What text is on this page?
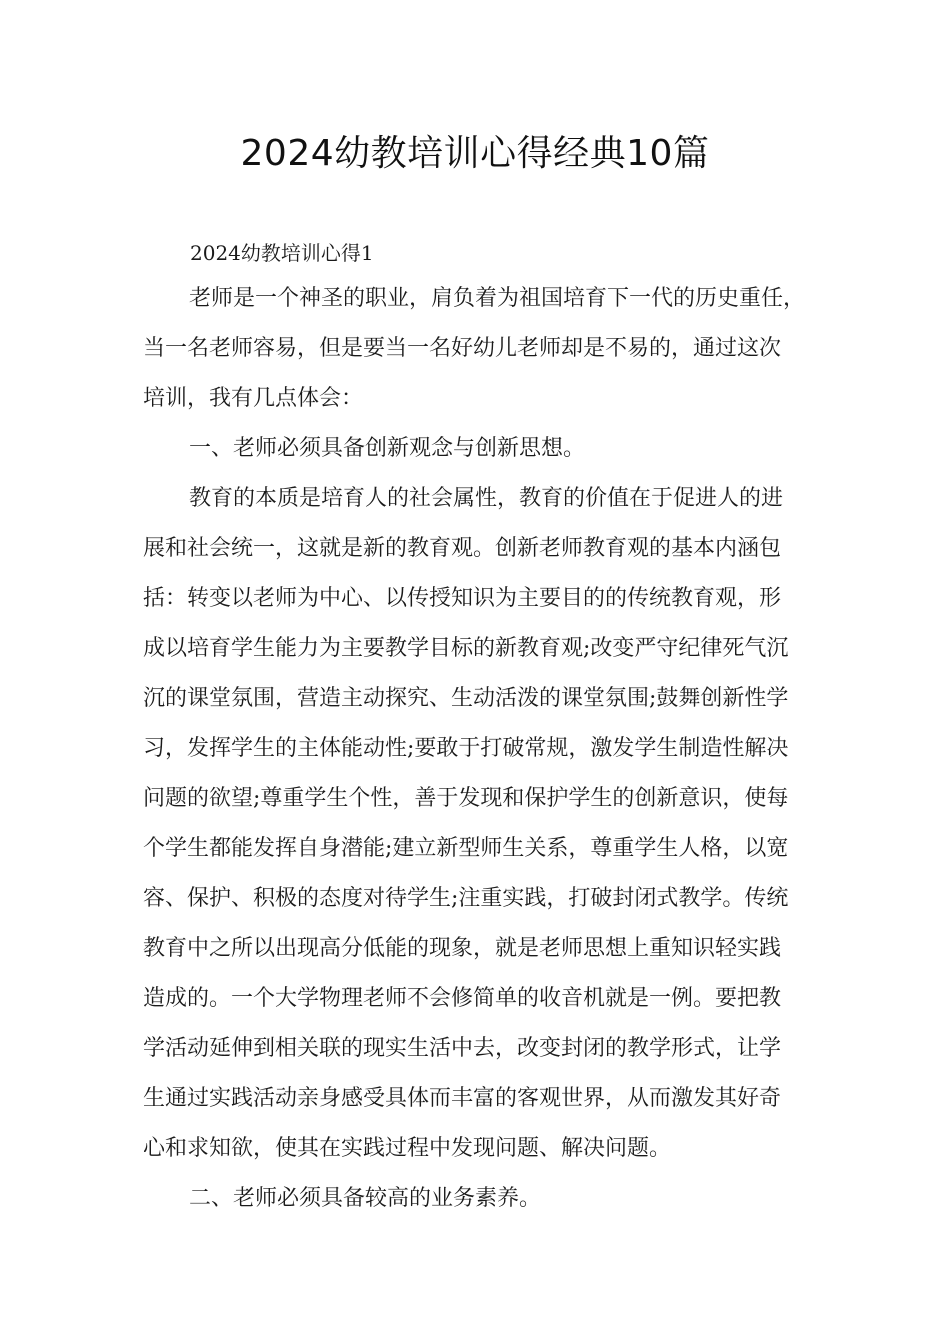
2024幼教培训心得经典10篇
2024幼教培训心得1
老师是一个神圣的职业，肩负着为祖国培育下一代的历史重任，
当一名老师容易，但是要当一名好幼儿老师却是不易的，通过这次
培训，我有几点体会：
一、老师必须具备创新观念与创新思想。
教育的本质是培育人的社会属性，教育的价值在于促进人的进
展和社会统一，这就是新的教育观。创新老师教育观的基本内涵包
括：转变以老师为中心、以传授知识为主要目的的传统教育观，形
成以培育学生能力为主要教学目标的新教育观;改变严守纪律死气沉
沉的课堂氛围，营造主动探究、生动活泼的课堂氛围;鼓舞创新性学
习，发挥学生的主体能动性;要敢于打破常规，激发学生制造性解决
问题的欲望;尊重学生个性，善于发现和保护学生的创新意识，使每
个学生都能发挥自身潜能;建立新型师生关系，尊重学生人格，以宽
容、保护、积极的态度对待学生;注重实践，打破封闭式教学。传统
教育中之所以出现高分低能的现象，就是老师思想上重知识轻实践
造成的。一个大学物理老师不会修简单的收音机就是一例。要把教
学活动延伸到相关联的现实生活中去，改变封闭的教学形式，让学
生通过实践活动亲身感受具体而丰富的客观世界，从而激发其好奇
心和求知欲，使其在实践过程中发现问题、解决问题。
二、老师必须具备较高的业务素养。
